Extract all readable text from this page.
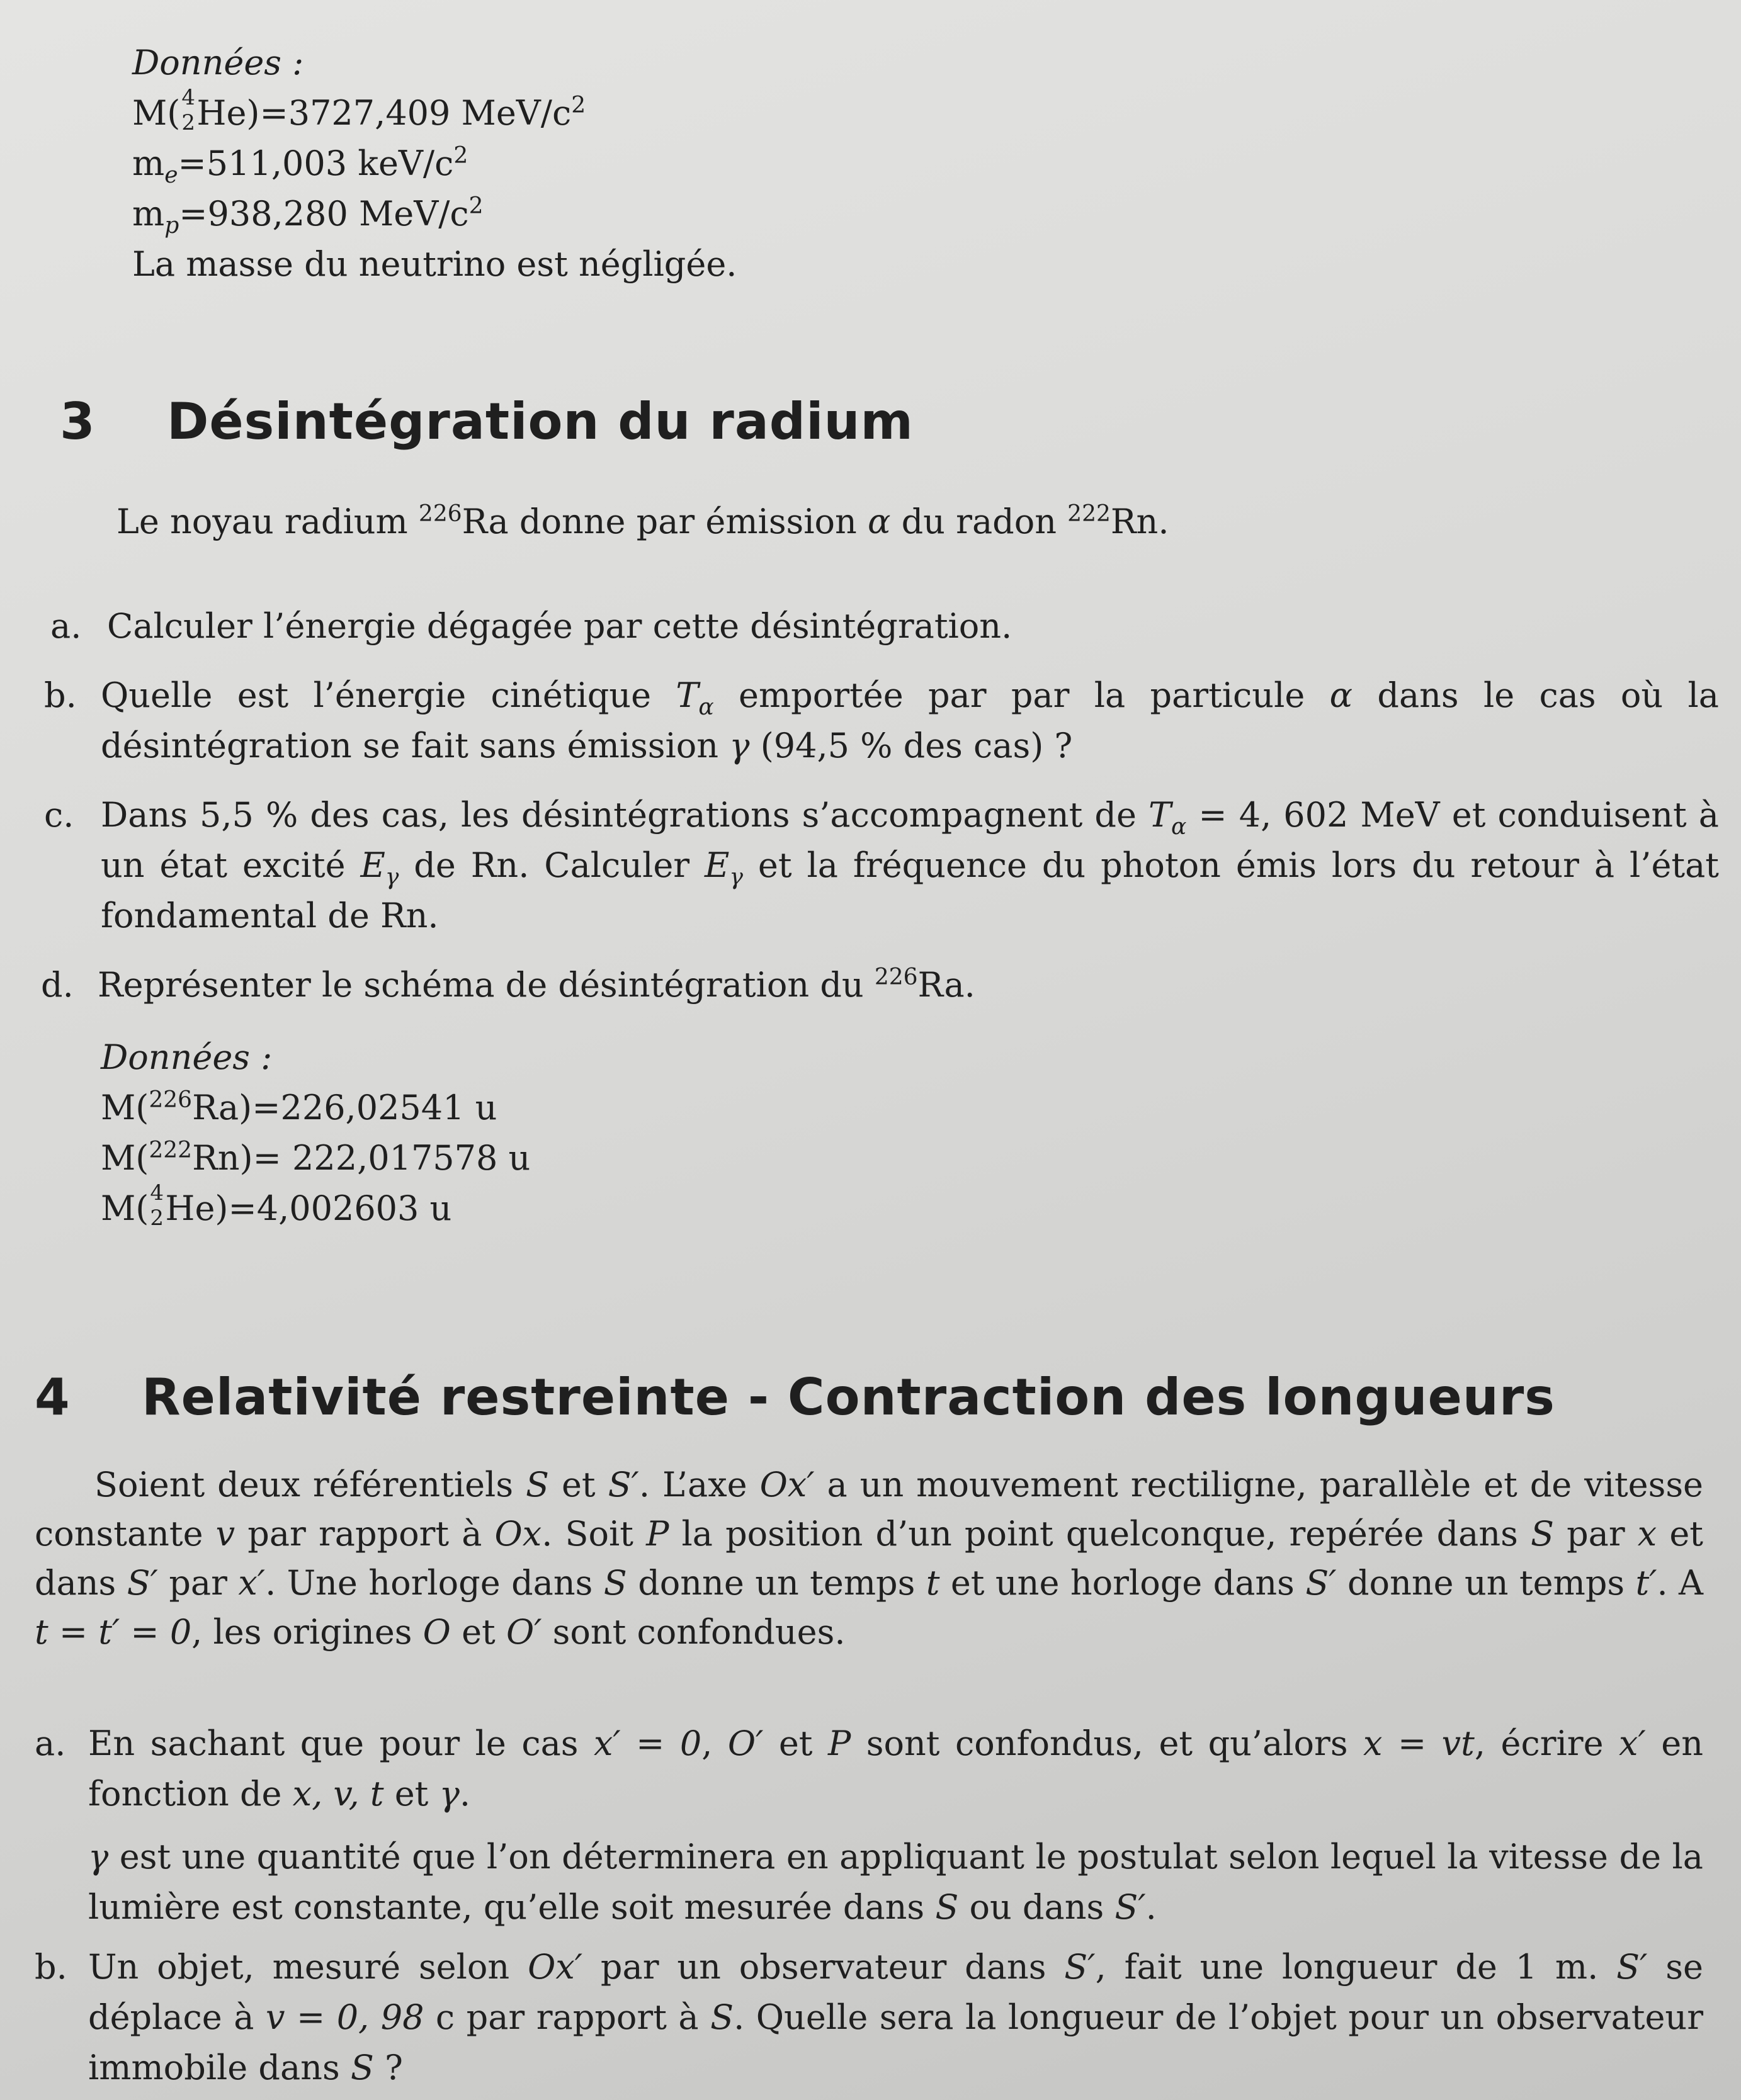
Données :
M( 4
2 He)=3727,409 MeV/$c^2$
$m_e=511,003$ keV/$c^2$
$m_p=938,280$ MeV/$c^2$
La masse du neutrino est négligée.
3 Désintégration du radium
Le noyau radium $^{226}$Ra donne par émission α du radon $^{222}$Rn.
a. Calculer l’énergie dégagée par cette désintégration.
b. Quelle est l’énergie cinétique $T_\alpha$ emportée par par la particule α dans le cas où la désintégration se fait sans émission γ (94,5 % des cas) ?
c. Dans 5,5 % des cas, les désintégrations s’accompagnent de $T_\alpha = 4$, 602 MeV et conduisent à un état excité $E_\gamma$ de Rn. Calculer $E_\gamma$ et la fréquence du photon émis lors du retour à l’état fondamental de Rn.
d. Représenter le schéma de désintégration du $^{226}$Ra.
Données :
M($^{226}$Ra)=226,02541 u
M($^{222}$Rn)= 222,017578 u
M( 4
2 He)=4,002603 u
4 Relativité restreinte - Contraction des longueurs
Soient deux référentiels S et S′. L’axe Ox′ a un mouvement rectiligne, parallèle et de vitesse constante v par rapport à Ox. Soit P la position d’un point quelconque, repérée dans S par x et dans S′ par x′. Une horloge dans S donne un temps t et une horloge dans S′ donne un temps t′. A t = t′ = 0, les origines O et O′ sont confondues.
a. En sachant que pour le cas x′ = 0, O′ et P sont confondus, et qu’alors x = vt, écrire x′ en fonction de x, v, t et γ.
γ est une quantité que l’on déterminera en appliquant le postulat selon lequel la vitesse de la lumière est constante, qu’elle soit mesurée dans S ou dans S′.
b. Un objet, mesuré selon Ox′ par un observateur dans S′, fait une longueur de 1 m. S′ se déplace à v = 0, 98 c par rapport à S. Quelle sera la longueur de l’objet pour un observateur immobile dans S ?
